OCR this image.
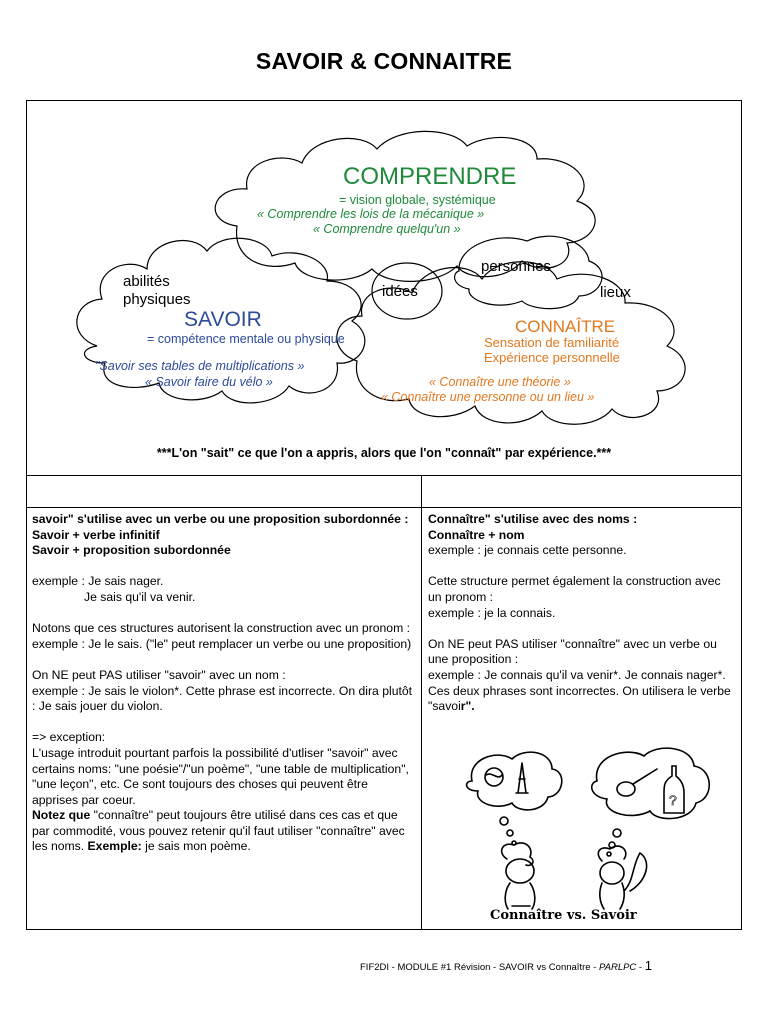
SAVOIR & CONNAITRE
COMPRENDRE
= vision globale, systémique
« Comprendre les lois de la mécanique »
« Comprendre quelqu'un »
abilités
physiques
SAVOIR
= compétence mentale ou physique
"Savoir ses tables de multiplications »
« Savoir faire du vélo »
idées
personnes
lieux
CONNAÎTRE
Sensation de familiarité
Expérience personnelle
« Connaître une théorie »
« Connaître une personne ou un lieu »
***L'on "sait" ce que l'on a appris, alors que l'on "connaît" par expérience.***

savoir" s'utilise avec un verbe ou une proposition subordonnée :
Savoir + verbe infinitif
Savoir + proposition subordonnée

exemple : Je sais nager.
Je sais qu'il va venir.

Notons que ces structures autorisent la construction avec un pronom :
exemple : Je le sais. ("le" peut remplacer un verbe ou une proposition)

On NE peut PAS utiliser "savoir" avec un nom :
exemple : Je sais le violon*. Cette phrase est incorrecte. On dira plutôt : Je sais jouer du violon.

=> exception:
L'usage introduit pourtant parfois la possibilité d'utliser "savoir" avec certains noms: "une poésie"/"un poème", "une table de multiplication", "une leçon", etc. Ce sont toujours des choses qui peuvent être apprises par coeur.
Notez que "connaître" peut toujours être utilisé dans ces cas et que par commodité, vous pouvez retenir qu'il faut utiliser "connaître" avec les noms. Exemple: je sais mon poème.

Connaître" s'utilise avec des noms :
Connaître + nom
exemple : je connais cette personne.

Cette structure permet également la construction avec un pronom :
exemple : je la connais.

On NE peut PAS utiliser "connaître" avec un verbe ou une proposition :
exemple : Je connais qu'il va venir*. Je connais nager*. Ces deux phrases sont incorrectes. On utilisera le verbe "savoir".

?
Connaître vs. Savoir
FIF2DI - MODULE #1 Révision - SAVOIR vs Connaître - PARLPC - 1
